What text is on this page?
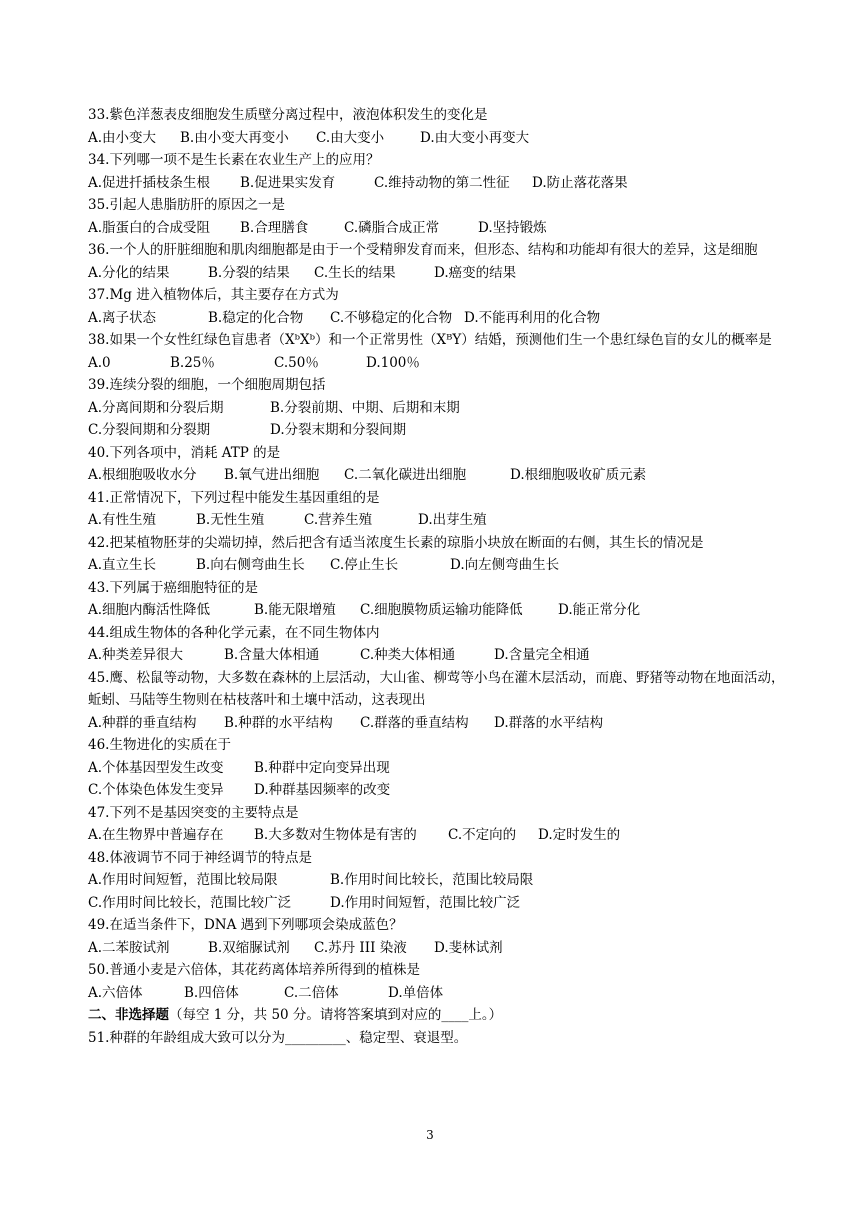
33.紫色洋葱表皮细胞发生质壁分离过程中，液泡体积发生的变化是
A.由小变大 B.由小变大再变小 C.由大变小	D.由大变小再变大
34.下列哪一项不是生长素在农业生产上的应用？
A.促进扦插枝条生根 B.促进果实发育	C.维持动物的第二性征 D.防止落花落果
35.引起人患脂肪肝的原因之一是
A.脂蛋白的合成受阻 B.合理膳食	C.磷脂合成正常	D.坚持锻炼
36.一个人的肝脏细胞和肌肉细胞都是由于一个受精卵发育而来，但形态、结构和功能却有很大的差异，这是细胞
A.分化的结果	B.分裂的结果 C.生长的结果	D.癌变的结果
37.Mg 进入植物体后，其主要存在方式为
A.离子状态	B.稳定的化合物 C.不够稳定的化合物 D.不能再利用的化合物
38.如果一个女性红绿色盲患者（XᵇXᵇ）和一个正常男性（XᴮY）结婚，预测他们生一个患红绿色盲的女儿的概率是
A.0	B.25％	C.50％	D.100％
39.连续分裂的细胞，一个细胞周期包括
A.分离间期和分裂后期	B.分裂前期、中期、后期和末期
C.分裂间期和分裂期	D.分裂末期和分裂间期
40.下列各项中，消耗 ATP 的是
A.根细胞吸收水分 B.氧气进出细胞 C.二氧化碳进出细胞	D.根细胞吸收矿质元素
41.正常情况下，下列过程中能发生基因重组的是
A.有性生殖	B.无性生殖	C.营养生殖	D.出芽生殖
42.把某植物胚芽的尖端切掉，然后把含有适当浓度生长素的琼脂小块放在断面的右侧，其生长的情况是
A.直立生长	B.向右侧弯曲生长 C.停止生长	D.向左侧弯曲生长
43.下列属于癌细胞特征的是
A.细胞内酶活性降低	B.能无限增殖 C.细胞膜物质运输功能降低	D.能正常分化
44.组成生物体的各种化学元素，在不同生物体内
A.种类差异很大	B.含量大体相通	C.种类大体相通	D.含量完全相通
45.鹰、松鼠等动物，大多数在森林的上层活动，大山雀、柳莺等小鸟在灌木层活动，而鹿、野猪等动物在地面活动，蚯蚓、马陆等生物则在枯枝落叶和土壤中活动，这表现出
A.种群的垂直结构 B.种群的水平结构 C.群落的垂直结构 D.群落的水平结构
46.生物进化的实质在于
A.个体基因型发生改变 B.种群中定向变异出现
C.个体染色体发生变异 D.种群基因频率的改变
47.下列不是基因突变的主要特点是
A.在生物界中普遍存在 B.大多数对生物体是有害的 C.不定向的 D.定时发生的
48.体液调节不同于神经调节的特点是
A.作用时间短暂，范围比较局限	B.作用时间比较长，范围比较局限
C.作用时间比较长，范围比较广泛	D.作用时间短暂，范围比较广泛
49.在适当条件下，DNA 遇到下列哪项会染成蓝色？
A.二苯胺试剂	B.双缩脲试剂 C.苏丹 III 染液 D.斐林试剂
50.普通小麦是六倍体，其花药离体培养所得到的植株是
A.六倍体	B.四倍体	C.二倍体	D.单倍体
二、非选择题（每空 1 分，共 50 分。请将答案填到对应的____上。）
51.种群的年龄组成大致可以分为_________、稳定型、衰退型。
3
